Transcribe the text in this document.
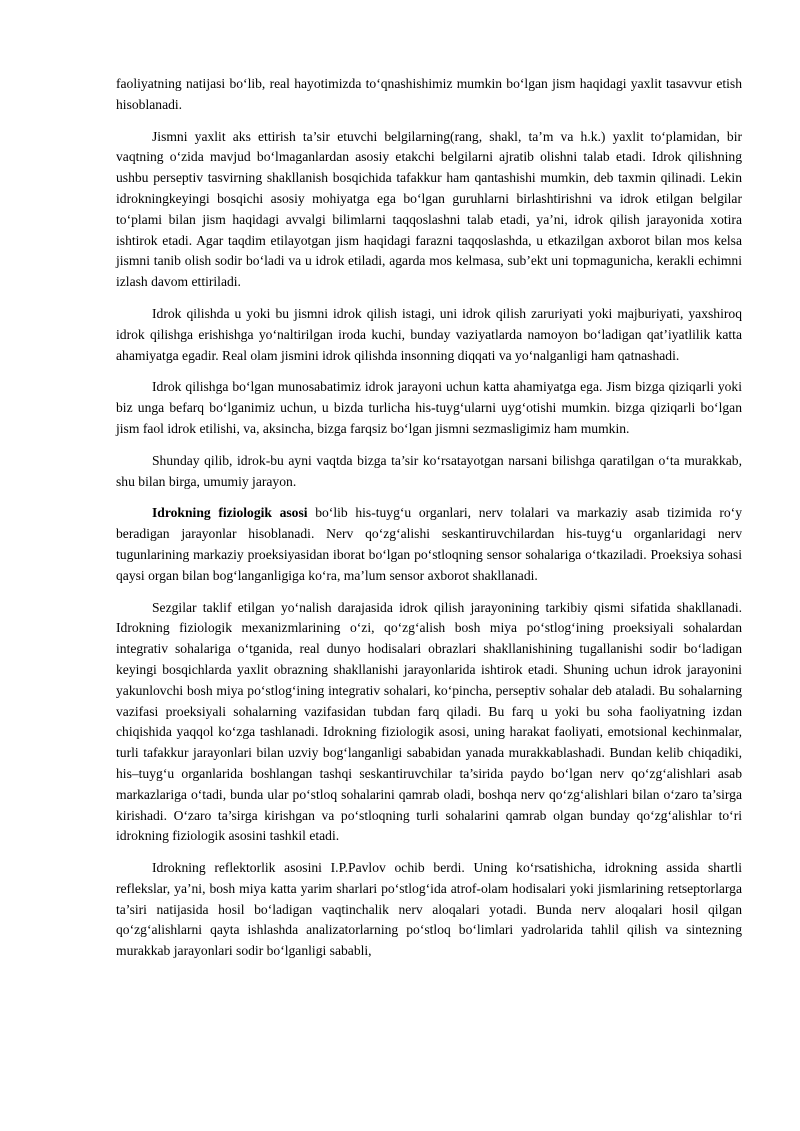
faoliyatning natijasi bo‘lib, real hayotimizda to‘qnashishimiz mumkin bo‘lgan jism haqidagi yaxlit tasavvur etish hisoblanadi.

Jismni yaxlit aks ettirish ta’sir etuvchi belgilarning(rang, shakl, ta’m va h.k.) yaxlit to‘plamidan, bir vaqtning o‘zida mavjud bo‘lmaganlardan asosiy etakchi belgilarni ajratib olishni talab etadi. Idrok qilishning ushbu perseptiv tasvirning shakllanish bosqichida tafakkur ham qantashishi mumkin, deb taxmin qilinadi. Lekin idrokningkeyingi bosqichi asosiy mohiyatga ega bo‘lgan guruhlarni birlashtirishni va idrok etilgan belgilar to‘plami bilan jism haqidagi avvalgi bilimlarni taqqoslashni talab etadi, ya’ni, idrok qilish jarayonida xotira ishtirok etadi. Agar taqdim etilayotgan jism haqidagi farazni taqqoslashda, u etkazilgan axborot bilan mos kelsa jismni tanib olish sodir bo‘ladi va u idrok etiladi, agarda mos kelmasa, sub’ekt uni topmagunicha, kerakli echimni izlash davom ettiriladi.

Idrok qilishda u yoki bu jismni idrok qilish istagi, uni idrok qilish zaruriyati yoki majburiyati, yaxshiroq idrok qilishga erishishga yo‘naltirilgan iroda kuchi, bunday vaziyatlarda namoyon bo‘ladigan qat’iyatlilik katta ahamiyatga egadir. Real olam jismini idrok qilishda insonning diqqati va yo‘nalganligi ham qatnashadi.

Idrok qilishga bo‘lgan munosabatimiz idrok jarayoni uchun katta ahamiyatga ega. Jism bizga qiziqarli yoki biz unga befarq bo‘lganimiz uchun, u bizda turlicha his-tuyg‘ularni uyg‘otishi mumkin. bizga qiziqarli bo‘lgan jism faol idrok etilishi, va, aksincha, bizga farqsiz bo‘lgan jismni sezmasligimiz ham mumkin.

Shunday qilib, idrok-bu ayni vaqtda bizga ta’sir ko‘rsatayotgan narsani bilishga qaratilgan o‘ta murakkab, shu bilan birga, umumiy jarayon.

Idrokning fiziologik asosi bo‘lib his-tuyg‘u organlari, nerv tolalari va markaziy asab tizimida ro‘y beradigan jarayonlar hisoblanadi. Nerv qo‘zg‘alishi seskantiruvchilardan his-tuyg‘u organlaridagi nerv tugunlarining markaziy proeksiyasidan iborat bo‘lgan po‘stloqning sensor sohalariga o‘tkaziladi. Proeksiya sohasi qaysi organ bilan bog‘langanligiga ko‘ra, ma’lum sensor axborot shakllanadi.

Sezgilar taklif etilgan yo‘nalish darajasida idrok qilish jarayonining tarkibiy qismi sifatida shakllanadi. Idrokning fiziologik mexanizmlarining o‘zi, qo‘zg‘alish bosh miya po‘stlog‘ining proeksiyali sohalardan integrativ sohalariga o‘tganida, real dunyo hodisalari obrazlari shakllanishining tugallanishi sodir bo‘ladigan keyingi bosqichlarda yaxlit obrazning shakllanishi jarayonlarida ishtirok etadi. Shuning uchun idrok jarayonini yakunlovchi bosh miya po‘stlog‘ining integrativ sohalari, ko‘pincha, perseptiv sohalar deb ataladi. Bu sohalarning vazifasi proeksiyali sohalarning vazifasidan tubdan farq qiladi. Bu farq u yoki bu soha faoliyatning izdan chiqishida yaqqol ko‘zga tashlanadi. Idrokning fiziologik asosi, uning harakat faoliyati, emotsional kechinmalar, turli tafakkur jarayonlari bilan uzviy bog‘langanligi sababidan yanada murakkablashadi. Bundan kelib chiqadiki, his–tuyg‘u organlarida boshlangan tashqi seskantiruvchilar ta’sirida paydo bo‘lgan nerv qo‘zg‘alishlari asab markazlariga o‘tadi, bunda ular po‘stloq sohalarini qamrab oladi, boshqa nerv qo‘zg‘alishlari bilan o‘zaro ta’sirga kirishadi. O‘zaro ta’sirga kirishgan va po‘stloqning turli sohalarini qamrab olgan bunday qo‘zg‘alishlar to‘ri idrokning fiziologik asosini tashkil etadi.

Idrokning reflektorlik asosini I.P.Pavlov ochib berdi. Uning ko‘rsatishicha, idrokning assida shartli reflekslar, ya’ni, bosh miya katta yarim sharlari po‘stlog‘ida atrof-olam hodisalari yoki jismlarining retseptorlarga ta’siri natijasida hosil bo‘ladigan vaqtinchalik nerv aloqalari yotadi. Bunda nerv aloqalari hosil qilgan qo‘zg‘alishlarni qayta ishlashda analizatorlarning po‘stloq bo‘limlari yadrolarida tahlil qilish va sintezning murakkab jarayonlari sodir bo‘lganligi sababli,
